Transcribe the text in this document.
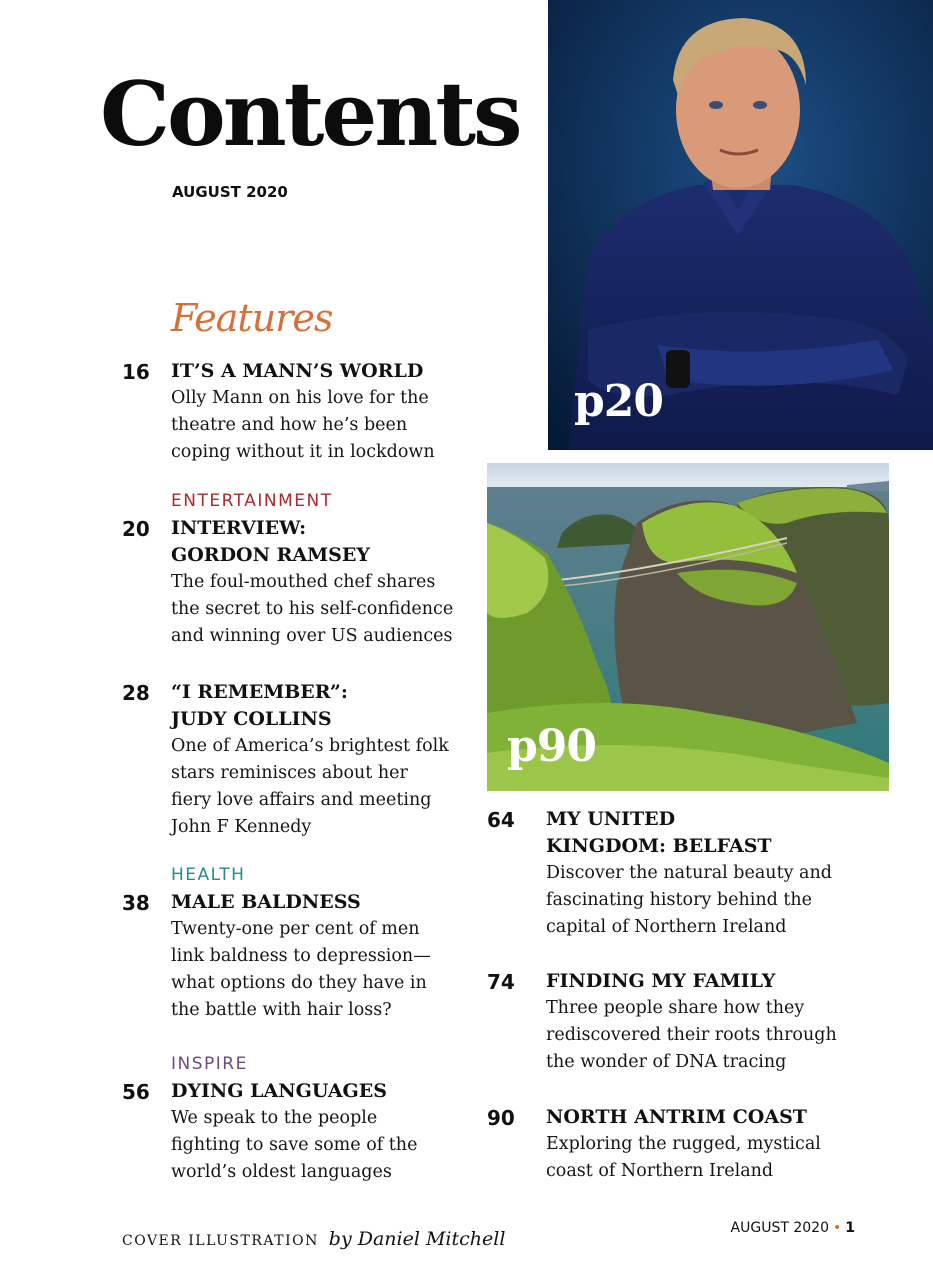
Contents
AUGUST 2020
Features
16	IT’S A MANN’S WORLD
Olly Mann on his love for the
theatre and how he’s been
coping without it in lockdown
ENTERTAINMENT
20	INTERVIEW:
GORDON RAMSEY
The foul-mouthed chef shares
the secret to his self-confidence
and winning over US audiences
28	“I REMEMBER”:
JUDY COLLINS
One of America’s brightest folk
stars reminisces about her
fiery love affairs and meeting
John F Kennedy
HEALTH
38	MALE BALDNESS
Twenty-one per cent of men
link baldness to depression—
what options do they have in
the battle with hair loss?
INSPIRE
56	DYING LANGUAGES
We speak to the people
fighting to save some of the
world’s oldest languages
p20
p90
64	MY UNITED
KINGDOM: BELFAST
Discover the natural beauty and
fascinating history behind the
capital of Northern Ireland
74	FINDING MY FAMILY
Three people share how they
rediscovered their roots through
the wonder of DNA tracing
90	NORTH ANTRIM COAST
Exploring the rugged, mystical
coast of Northern Ireland
COVER ILLUSTRATION by Daniel Mitchell	AUGUST 2020 • 1
